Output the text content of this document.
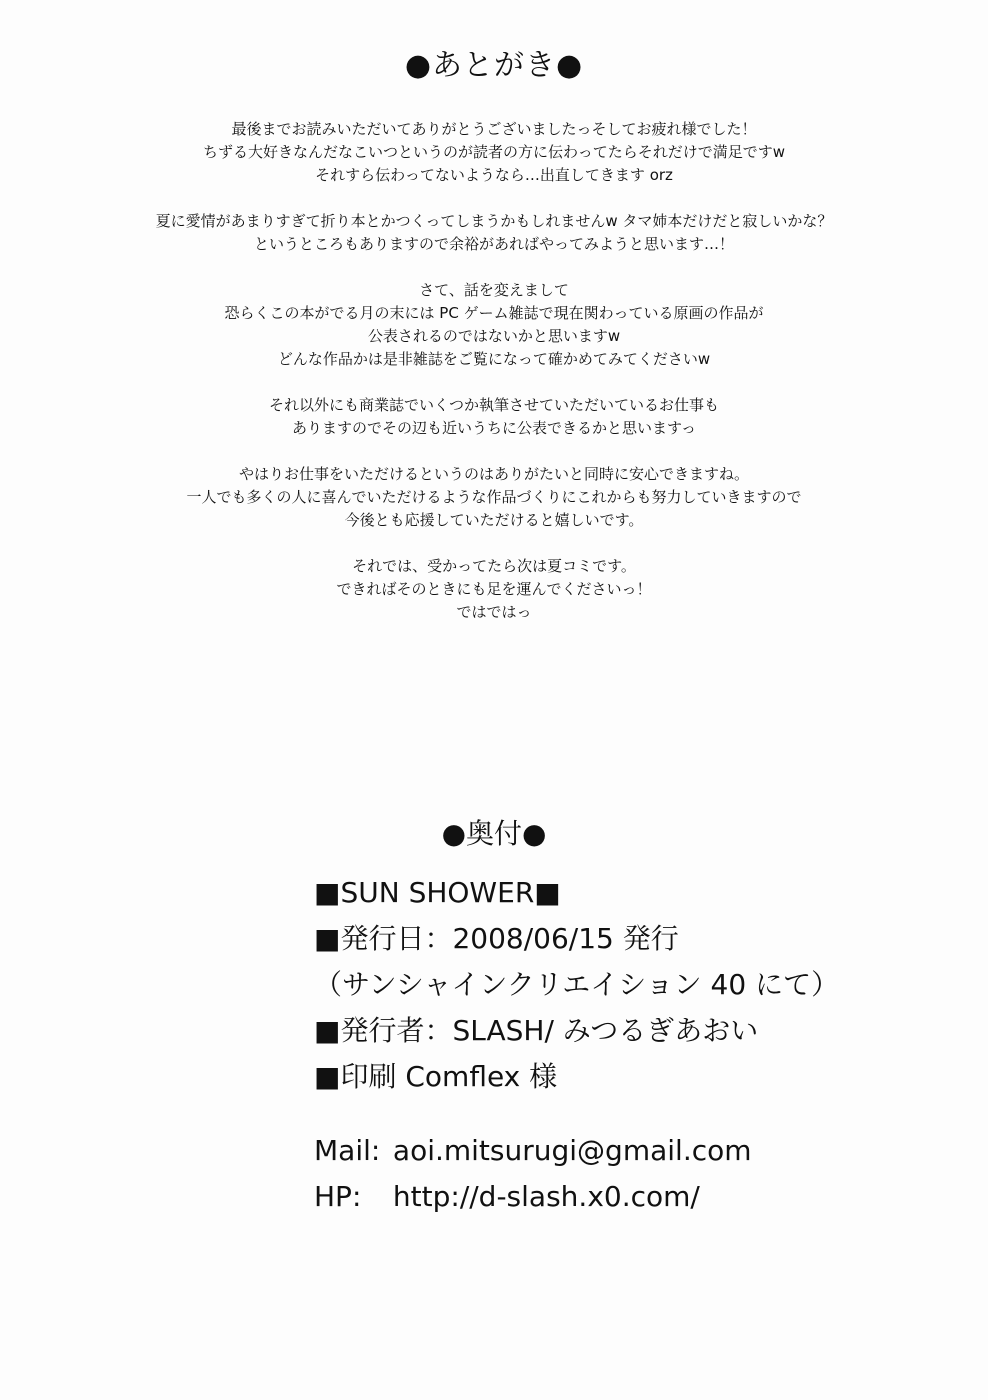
●あとがき●

最後までお読みいただいてありがとうございましたっそしてお疲れ様でした！

ちずる大好きなんだなこいつというのが読者の方に伝わってたらそれだけで満足ですw

それすら伝わってないようなら…出直してきます orz

夏に愛情があまりすぎて折り本とかつくってしまうかもしれませんw タマ姉本だけだと寂しいかな？

というところもありますので余裕があればやってみようと思います…！

さて、話を変えまして

恐らくこの本がでる月の末には PC ゲーム雑誌で現在関わっている原画の作品が

公表されるのではないかと思いますw

どんな作品かは是非雑誌をご覧になって確かめてみてくださいw

それ以外にも商業誌でいくつか執筆させていただいているお仕事も

ありますのでその辺も近いうちに公表できるかと思いますっ

やはりお仕事をいただけるというのはありがたいと同時に安心できますね。

一人でも多くの人に喜んでいただけるような作品づくりにこれからも努力していきますので

今後とも応援していただけると嬉しいです。

それでは、受かってたら次は夏コミです。

できればそのときにも足を運んでくださいっ！

ではではっ

●奥付●
■SUN SHOWER■
■発行日：2008/06/15 発行
（サンシャインクリエイション 40 にて）
■発行者：SLASH/ みつるぎあおい
■印刷 Comflex 様
Mail: aoi.mitsurugi@gmail.com
HP: http://d-slash.x0.com/
